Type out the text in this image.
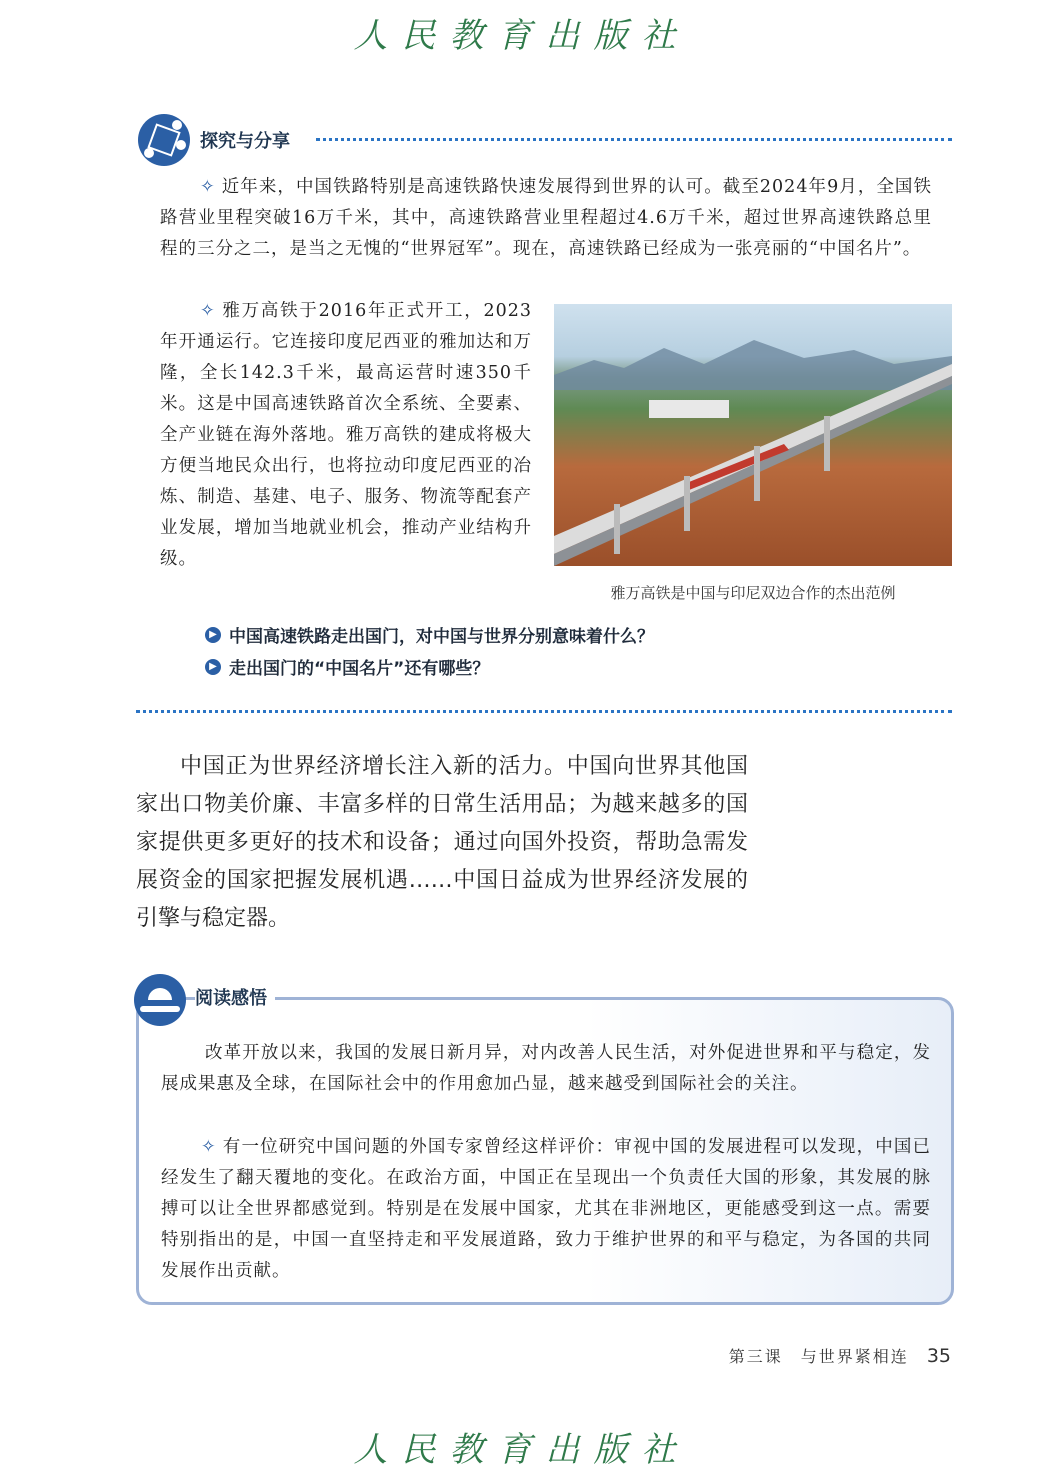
人民教育出版社
探究与分享

✧ 近年来，中国铁路特别是高速铁路快速发展得到世界的认可。截至2024年9月，全国铁路营业里程突破16万千米，其中，高速铁路营业里程超过4.6万千米，超过世界高速铁路总里程的三分之二，是当之无愧的“世界冠军”。现在，高速铁路已经成为一张亮丽的“中国名片”。

✧ 雅万高铁于2016年正式开工，2023年开通运行。它连接印度尼西亚的雅加达和万隆，全长142.3千米，最高运营时速350千米。这是中国高速铁路首次全系统、全要素、全产业链在海外落地。雅万高铁的建成将极大方便当地民众出行，也将拉动印度尼西亚的冶炼、制造、基建、电子、服务、物流等配套产业发展，增加当地就业机会，推动产业结构升级。

雅万高铁是中国与印尼双边合作的杰出范例
▶ 中国高速铁路走出国门，对中国与世界分别意味着什么？
▶ 走出国门的“中国名片”还有哪些？

中国正为世界经济增长注入新的活力。中国向世界其他国家出口物美价廉、丰富多样的日常生活用品；为越来越多的国家提供更多更好的技术和设备；通过向国外投资，帮助急需发展资金的国家把握发展机遇……中国日益成为世界经济发展的引擎与稳定器。

改革开放以来，我国的发展日新月异，对内改善人民生活，对外促进世界和平与稳定，发展成果惠及全球，在国际社会中的作用愈加凸显，越来越受到国际社会的关注。

✧ 有一位研究中国问题的外国专家曾经这样评价：审视中国的发展进程可以发现，中国已经发生了翻天覆地的变化。在政治方面，中国正在呈现出一个负责任大国的形象，其发展的脉搏可以让全世界都感觉到。特别是在发展中国家，尤其在非洲地区，更能感受到这一点。需要特别指出的是，中国一直坚持走和平发展道路，致力于维护世界的和平与稳定，为各国的共同发展作出贡献。

阅读感悟
第三课 与世界紧相连 35
人民教育出版社
